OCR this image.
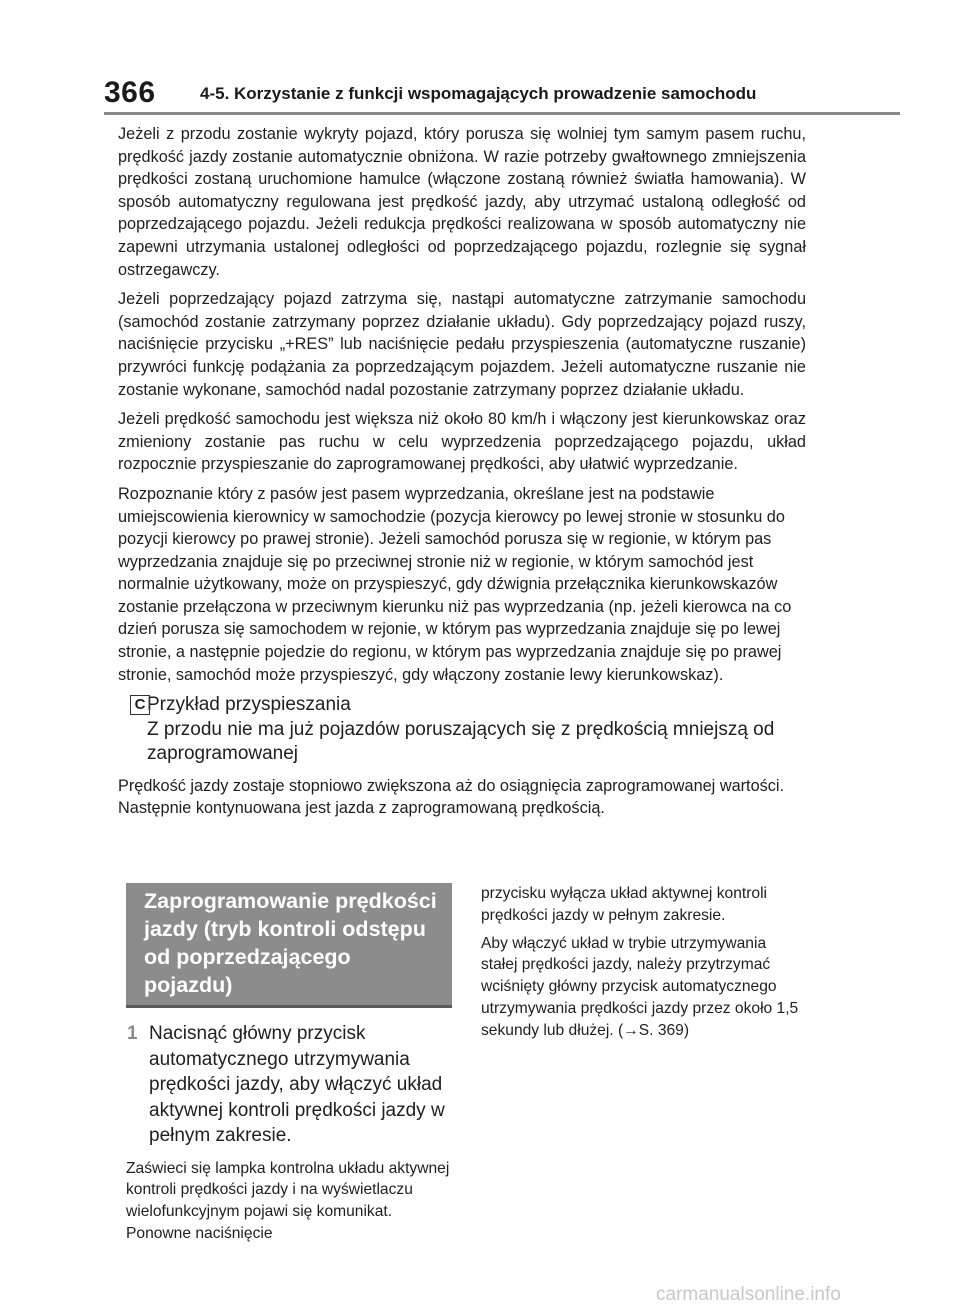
366	4-5. Korzystanie z funkcji wspomagających prowadzenie samochodu

Jeżeli z przodu zostanie wykryty pojazd, który porusza się wolniej tym samym pasem ruchu, prędkość jazdy zostanie automatycznie obniżona. W razie potrzeby gwałtownego zmniejszenia prędkości zostaną uruchomione hamulce (włączone zostaną również światła hamowania). W sposób automatyczny regulowana jest prędkość jazdy, aby utrzymać ustaloną odległość od poprzedzającego pojazdu. Jeżeli redukcja prędkości realizowana w sposób automatyczny nie zapewni utrzymania ustalonej odległości od poprzedzającego pojazdu, rozlegnie się sygnał ostrzegawczy.

Jeżeli poprzedzający pojazd zatrzyma się, nastąpi automatyczne zatrzymanie samochodu (samochód zostanie zatrzymany poprzez działanie układu). Gdy poprzedzający pojazd ruszy, naciśnięcie przycisku „+RES” lub naciśnięcie pedału przyspieszenia (automatyczne ruszanie) przywróci funkcję podążania za poprzedzającym pojazdem. Jeżeli automatyczne ruszanie nie zostanie wykonane, samochód nadal pozostanie zatrzymany poprzez działanie układu.

Jeżeli prędkość samochodu jest większa niż około 80 km/h i włączony jest kierunkowskaz oraz zmieniony zostanie pas ruchu w celu wyprzedzenia poprzedzającego pojazdu, układ rozpocznie przyspieszanie do zaprogramowanej prędkości, aby ułatwić wyprzedzanie.

Rozpoznanie który z pasów jest pasem wyprzedzania, określane jest na podstawie umiejscowienia kierownicy w samochodzie (pozycja kierowcy po lewej stronie w stosunku do pozycji kierowcy po prawej stronie). Jeżeli samochód porusza się w regionie, w którym pas wyprzedzania znajduje się po przeciwnej stronie niż w regionie, w którym samochód jest normalnie użytkowany, może on przyspieszyć, gdy dźwignia przełącznika kierunkowskazów zostanie przełączona w przeciwnym kierunku niż pas wyprzedzania (np. jeżeli kierowca na co dzień porusza się samochodem w rejonie, w którym pas wyprzedzania znajduje się po lewej stronie, a następnie pojedzie do regionu, w którym pas wyprzedzania znajduje się po prawej stronie, samochód może przyspieszyć, gdy włączony zostanie lewy kierunkowskaz).

C Przykład przyspieszania
Z przodu nie ma już pojazdów poruszających się z prędkością mniejszą od zaprogramowanej
Prędkość jazdy zostaje stopniowo zwiększona aż do osiągnięcia zaprogramowanej wartości. Następnie kontynuowana jest jazda z zaprogramowaną prędkością.
Zaprogramowanie prędkości jazdy (tryb kontroli odstępu od poprzedzającego pojazdu)
1 Nacisnąć główny przycisk automatycznego utrzymywania prędkości jazdy, aby włączyć układ aktywnej kontroli prędkości jazdy w pełnym zakresie.
Zaświeci się lampka kontrolna układu aktywnej kontroli prędkości jazdy i na wyświetlaczu wielofunkcyjnym pojawi się komunikat. Ponowne naciśnięcie

przycisku wyłącza układ aktywnej kontroli prędkości jazdy w pełnym zakresie.

Aby włączyć układ w trybie utrzymywania stałej prędkości jazdy, należy przytrzymać wciśnięty główny przycisk automatycznego utrzymywania prędkości jazdy przez około 1,5 sekundy lub dłużej. (→S. 369)

carmanualsonline.info
